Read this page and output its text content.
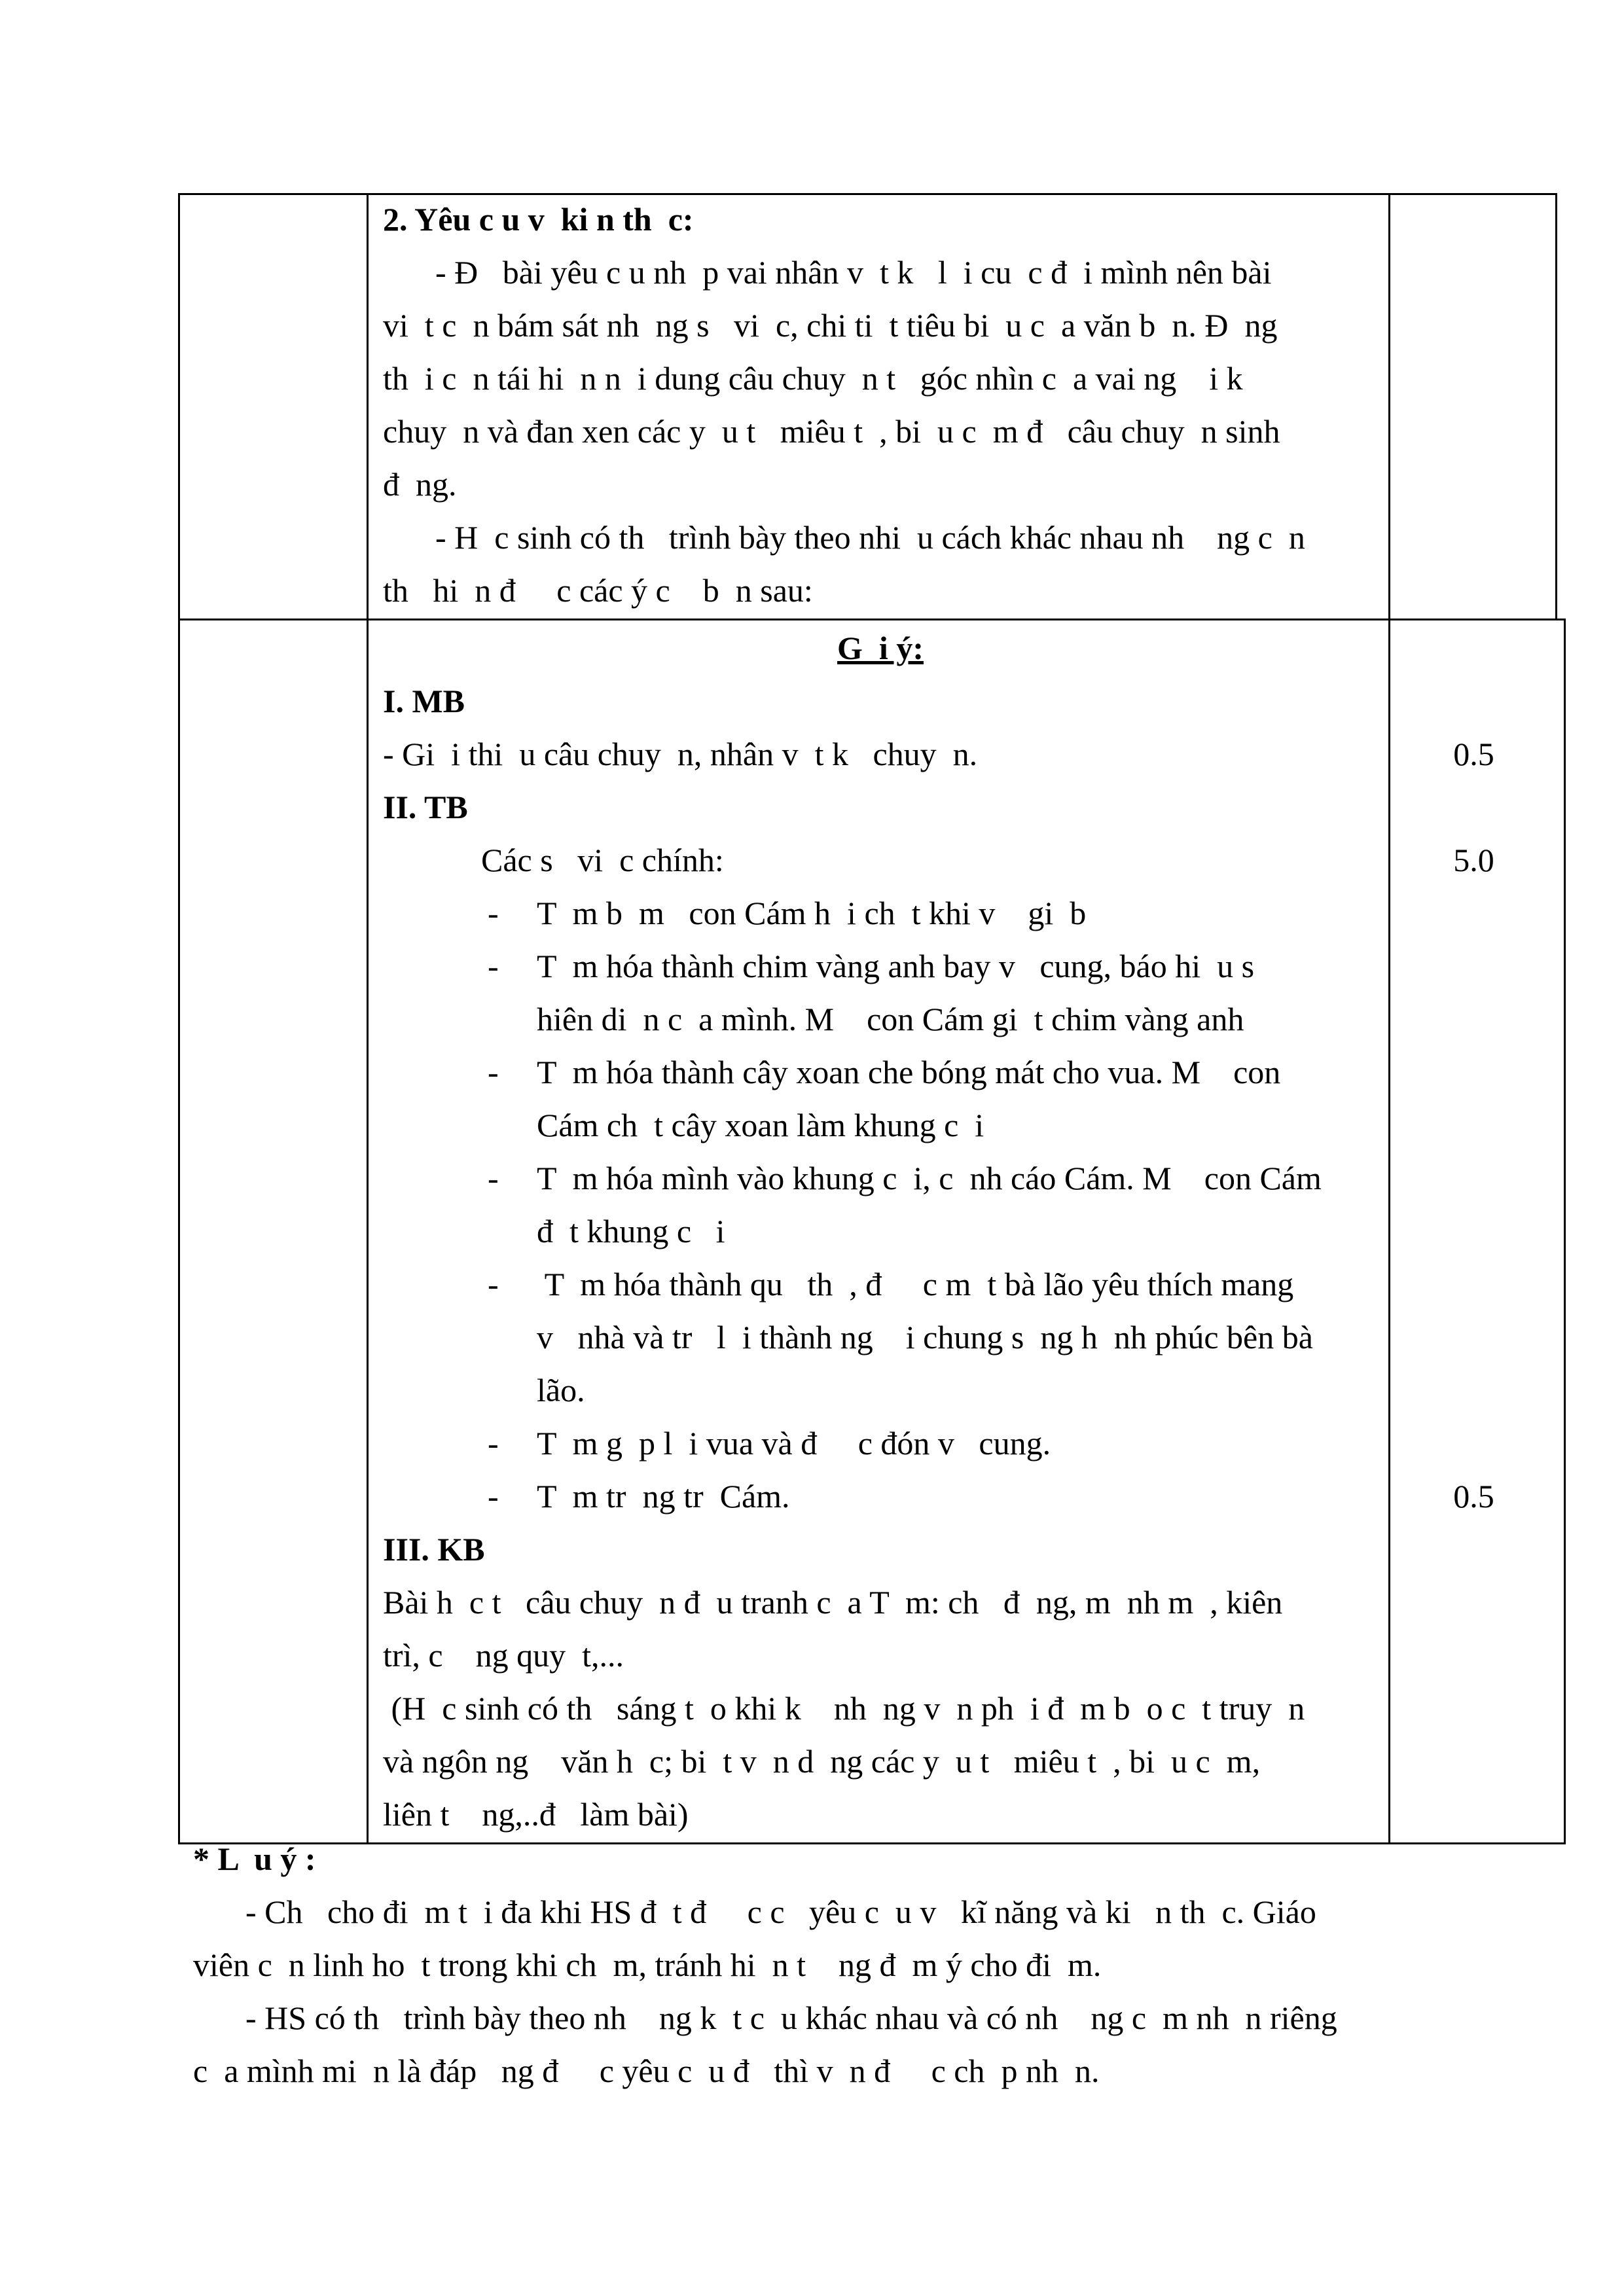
2. Yêu c u v  ki n th  c:
- Đ   bài yêu c u nh  p vai nhân v  t k   l  i cu  c đ  i mình nên bài
vi  t c  n bám sát nh  ng s   vi  c, chi ti  t tiêu bi  u c  a văn b  n. Đ  ng
th  i c  n tái hi  n n  i dung câu chuy  n t   góc nhìn c  a vai ng    i k
chuy  n và đan xen các y  u t   miêu t  , bi  u c  m đ   câu chuy  n sinh
đ  ng.
- H  c sinh có th   trình bày theo nhi  u cách khác nhau nh    ng c  n
th   hi  n đ     c các ý c    b  n sau:
G  i ý:
I. MB
- Gi  i thi  u câu chuy  n, nhân v  t k   chuy  n.
II. TB
Các s   vi  c chính:
- T  m b  m   con Cám h  i ch  t khi v    gi  b
- T  m hóa thành chim vàng anh bay v   cung, báo hi  u s
hiên di  n c  a mình. M    con Cám gi  t chim vàng anh
- T  m hóa thành cây xoan che bóng mát cho vua. M    con
Cám ch  t cây xoan làm khung c  i
- T  m hóa mình vào khung c  i, c  nh cáo Cám. M    con Cám
đ  t khung c   i
- T  m hóa thành qu   th  , đ     c m  t bà lão yêu thích mang
v   nhà và tr   l  i thành ng    i chung s  ng h  nh phúc bên bà
lão.
- T  m g  p l  i vua và đ     c đón v   cung.
- T  m tr  ng tr  Cám.
III. KB
Bài h  c t   câu chuy  n đ  u tranh c  a T  m: ch   đ  ng, m  nh m  , kiên
trì, c    ng quy  t,...
(H  c sinh có th   sáng t  o khi k    nh  ng v  n ph  i đ  m b  o c  t truy  n
và ngôn ng    văn h  c; bi  t v  n d  ng các y  u t   miêu t  , bi  u c  m,
liên t    ng,..đ   làm bài)
0.5
5.0
0.5
* L  u ý :
- Ch   cho đi  m t  i đa khi HS đ  t đ     c c   yêu c  u v   kĩ năng và ki   n th  c. Giáo
viên c  n linh ho  t trong khi ch  m, tránh hi  n t    ng đ  m ý cho đi  m.
- HS có th   trình bày theo nh    ng k  t c  u khác nhau và có nh    ng c  m nh  n riêng
c  a mình mi  n là đáp   ng đ     c yêu c  u đ   thì v  n đ     c ch  p nh  n.
